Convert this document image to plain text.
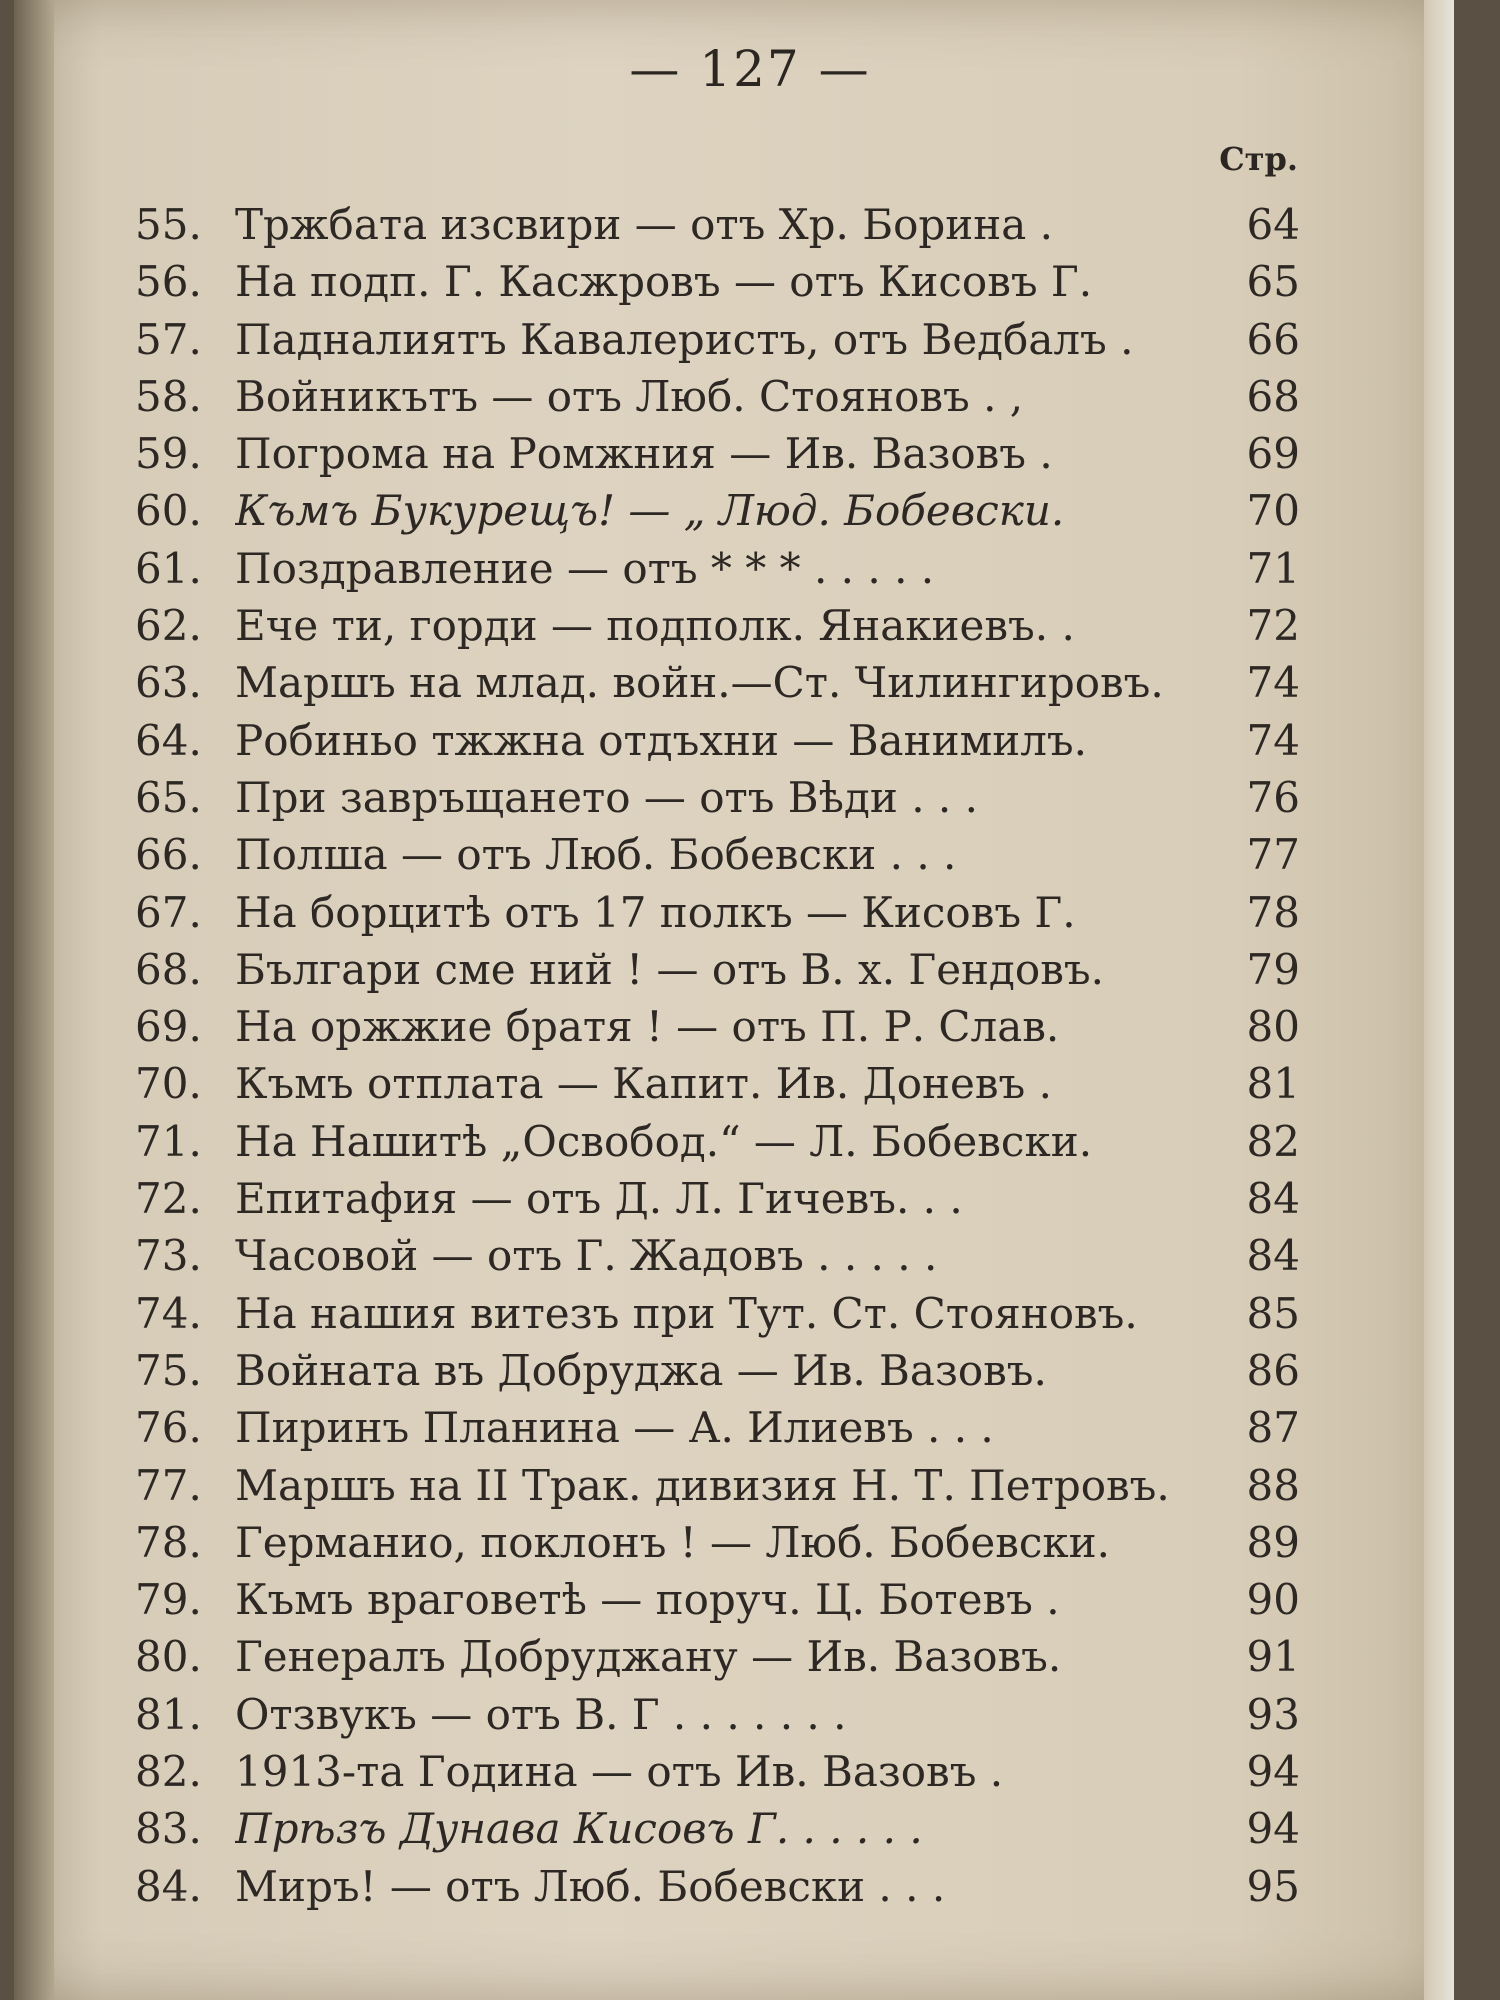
— 127 —
Стр.
55. Тржбата изсвири — отъ Хр. Борина .	64
56. На подп. Г. Касжровъ — отъ Кисовъ Г.	65
57. Падналиятъ Кавалеристъ, отъ Ведбалъ .	66
58. Войникътъ — отъ Люб. Стояновъ . ,	68
59. Погрома на Ромжния — Ив. Вазовъ .	69
60. Къмъ Букурещъ! — „ Люд. Бобевски.	70
61. Поздравление — отъ * * * . . . . .	71
62. Ече ти, горди — подполк. Янакиевъ. .	72
63. Маршъ на млад. войн.—Ст. Чилингировъ.	74
64. Робиньо тжжна отдъхни — Ванимилъ.	74
65. При завръщането — отъ Вѣди . . .	76
66. Полша — отъ Люб. Бобевски . . .	77
67. На борцитѣ отъ 17 полкъ — Кисовъ Г.	78
68. Българи сме ний ! — отъ В. х. Гендовъ.	79
69. На оржжие братя ! — отъ П. Р. Слав.	80
70. Къмъ отплата — Капит. Ив. Доневъ .	81
71. На Нашитѣ „Освобод.“ — Л. Бобевски.	82
72. Епитафия — отъ Д. Л. Гичевъ. . .	84
73. Часовой — отъ Г. Жадовъ . . . . .	84
74. На нашия витезъ при Тут. Ст. Стояновъ.	85
75. Войната въ Добруджа — Ив. Вазовъ.	86
76. Пиринъ Планина — А. Илиевъ . . .	87
77. Маршъ на II Трак. дивизия Н. Т. Петровъ.	88
78. Германио, поклонъ ! — Люб. Бобевски.	89
79. Къмъ враговетѣ — поруч. Ц. Ботевъ .	90
80. Генералъ Добруджану — Ив. Вазовъ.	91
81. Отзвукъ — отъ В. Г . . . . . . .	93
82. 1913-та Година — отъ Ив. Вазовъ .	94
83. Прѣзъ Дунава Кисовъ Г. . . . . .	94
84. Миръ! — отъ Люб. Бобевски . . .	95
